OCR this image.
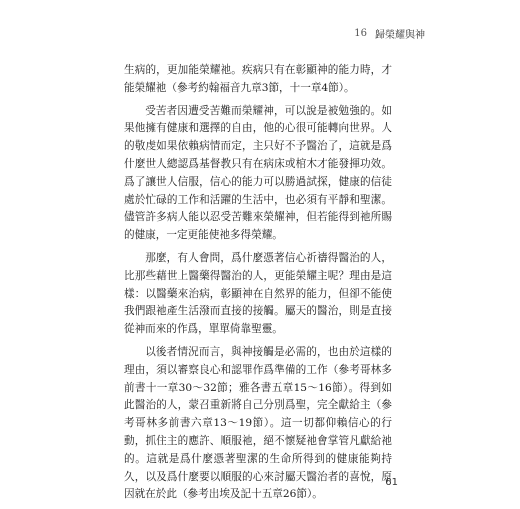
16 歸榮耀與神

生病的，更加能榮耀祂。疾病只有在彰顯神的能力時，才能榮耀祂（參考約翰福音九章3節，十一章4節）。

受苦者因遭受苦難而榮耀神，可以說是被勉強的。如果他擁有健康和選擇的自由，他的心很可能轉向世界。人的敬虔如果依賴病情而定，主只好不予醫治了，這就是爲什麼世人總認爲基督教只有在病床或棺木才能發揮功效。爲了讓世人信服，信心的能力可以勝過試探，健康的信徒處於忙碌的工作和活躍的生活中，也必須有平靜和聖潔。儘管許多病人能以忍受苦難來榮耀神，但若能得到祂所賜的健康，一定更能使祂多得榮耀。

那麼，有人會問，爲什麼憑著信心祈禱得醫治的人，比那些藉世上醫藥得醫治的人，更能榮耀主呢？理由是這樣：以醫藥來治病，彰顯神在自然界的能力，但卻不能使我們跟祂產生活潑而直接的接觸。屬天的醫治，則是直接從神而來的作爲，單單倚靠聖靈。

以後者情況而言，與神接觸是必需的，也由於這樣的理由，須以審察良心和認罪作爲準備的工作（參考哥林多前書十一章30～32節；雅各書五章15～16節）。得到如此醫治的人，蒙召重新將自己分別爲聖，完全獻給主（參考哥林多前書六章13～19節）。這一切都仰賴信心的行動，抓住主的應許、順服祂，絕不懷疑祂會掌管凡獻給祂的。這就是爲什麼憑著聖潔的生命所得到的健康能夠持久，以及爲什麼要以順服的心來討屬天醫治者的喜悅，原因就在於此（參考出埃及記十五章26節）。

61
